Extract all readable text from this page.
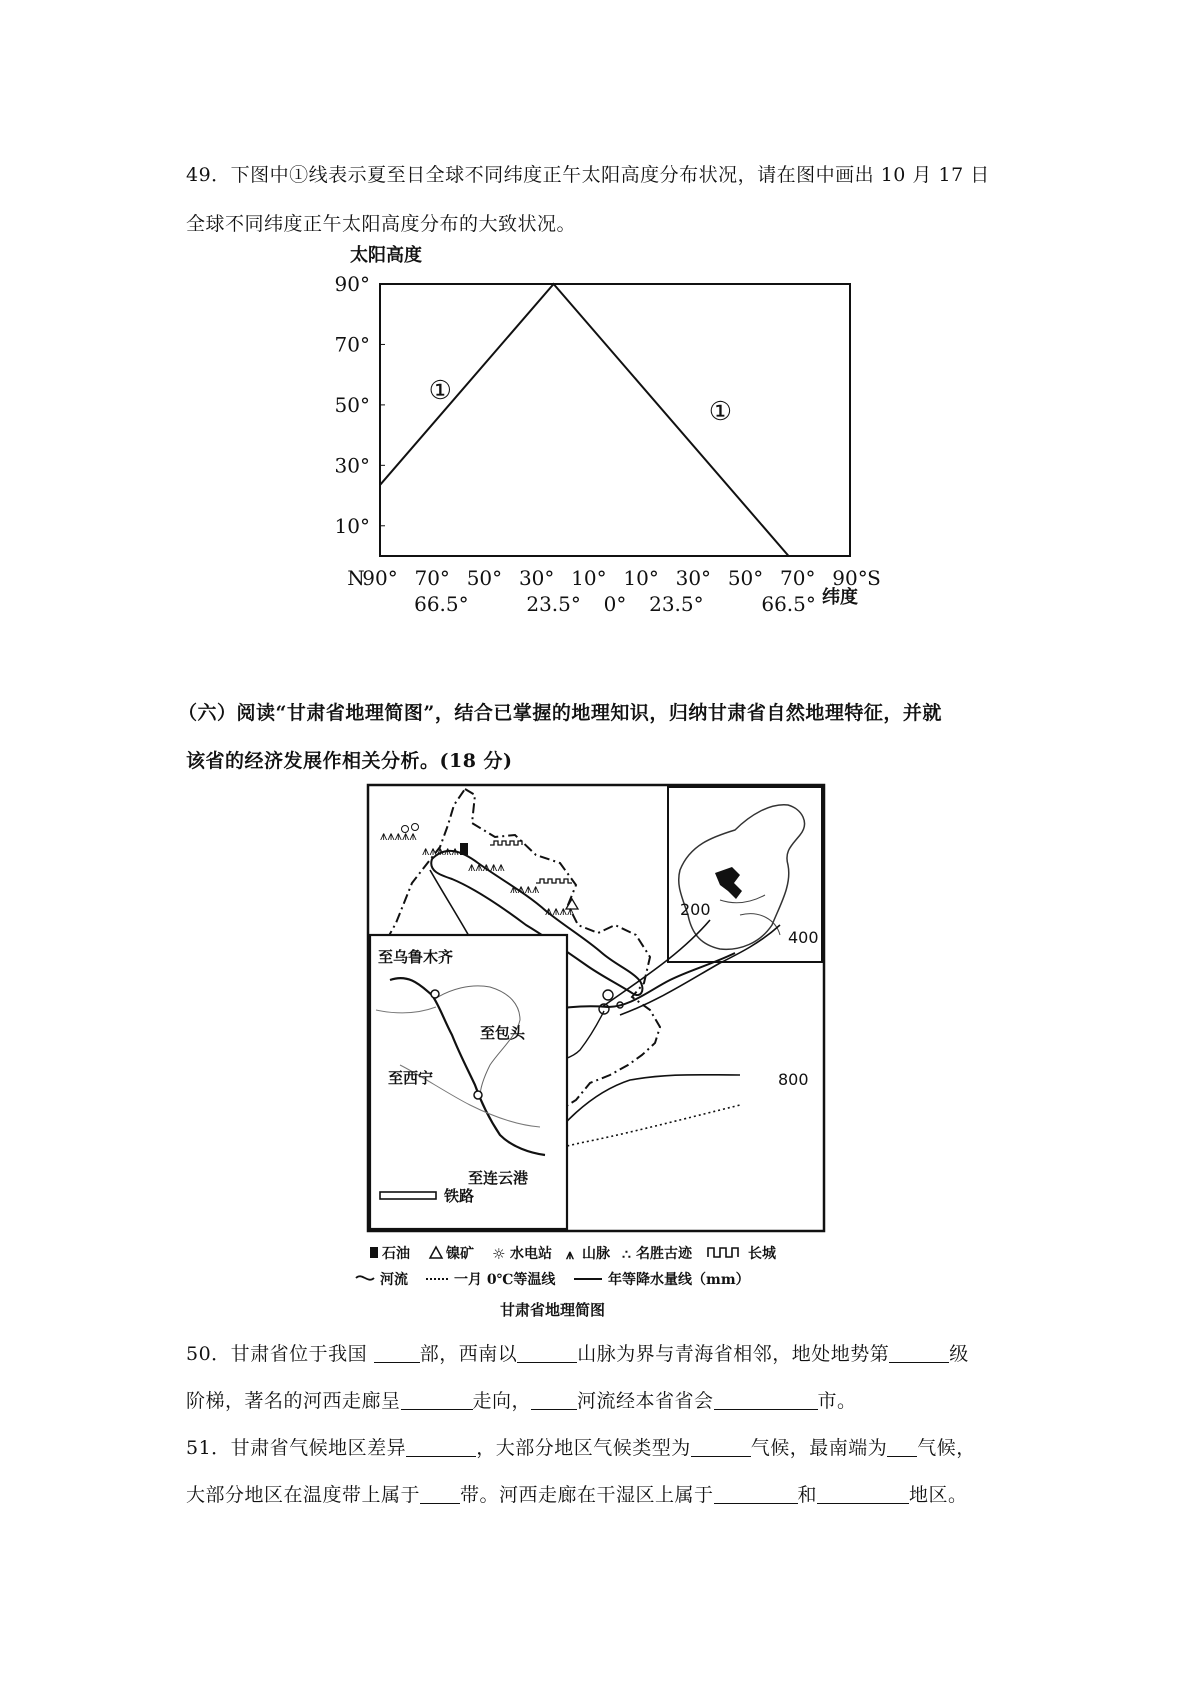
49．下图中①线表示夏至日全球不同纬度正午太阳高度分布状况，请在图中画出 10 月 17 日
全球不同纬度正午太阳高度分布的大致状况。
太阳高度
90°
70°
50°
30°
10°
N
90° 70° 50° 30° 10° 10° 30° 50° 70° 90° S
66.5°	23.5° 0° 23.5°	66.5°
①
①
纬度
（六）阅读“甘肃省地理简图”，结合已掌握的地理知识，归纳甘肃省自然地理特征，并就
该省的经济发展作相关分析。(18 分)
⩚⩚⩚⩚⩚
⩚⩚⩚⩚⩚
⩚⩚⩚⩚⩚
⩚⩚⩚⩚
⩚⩚⩚⩚	200
400
800
至乌鲁木齐
至包头
至西宁
至连云港
铁路
石油	镍矿 ☼ 水电站 ⩚ 山脉 ∴ 名胜古迹	长城
河流	一月 0℃等温线	年等降水量线（mm）
甘肃省地理简图
50．甘肃省位于我国	部，西南以	山脉为界与青海省相邻，地处地势第	级
阶梯，著名的河西走廊呈	走向， 河流经本省省会	市。
51．甘肃省气候地区差异	，大部分地区气候类型为	气候，最南端为 气候，
大部分地区在温度带上属于 带。河西走廊在干湿区上属于	和	地区。
